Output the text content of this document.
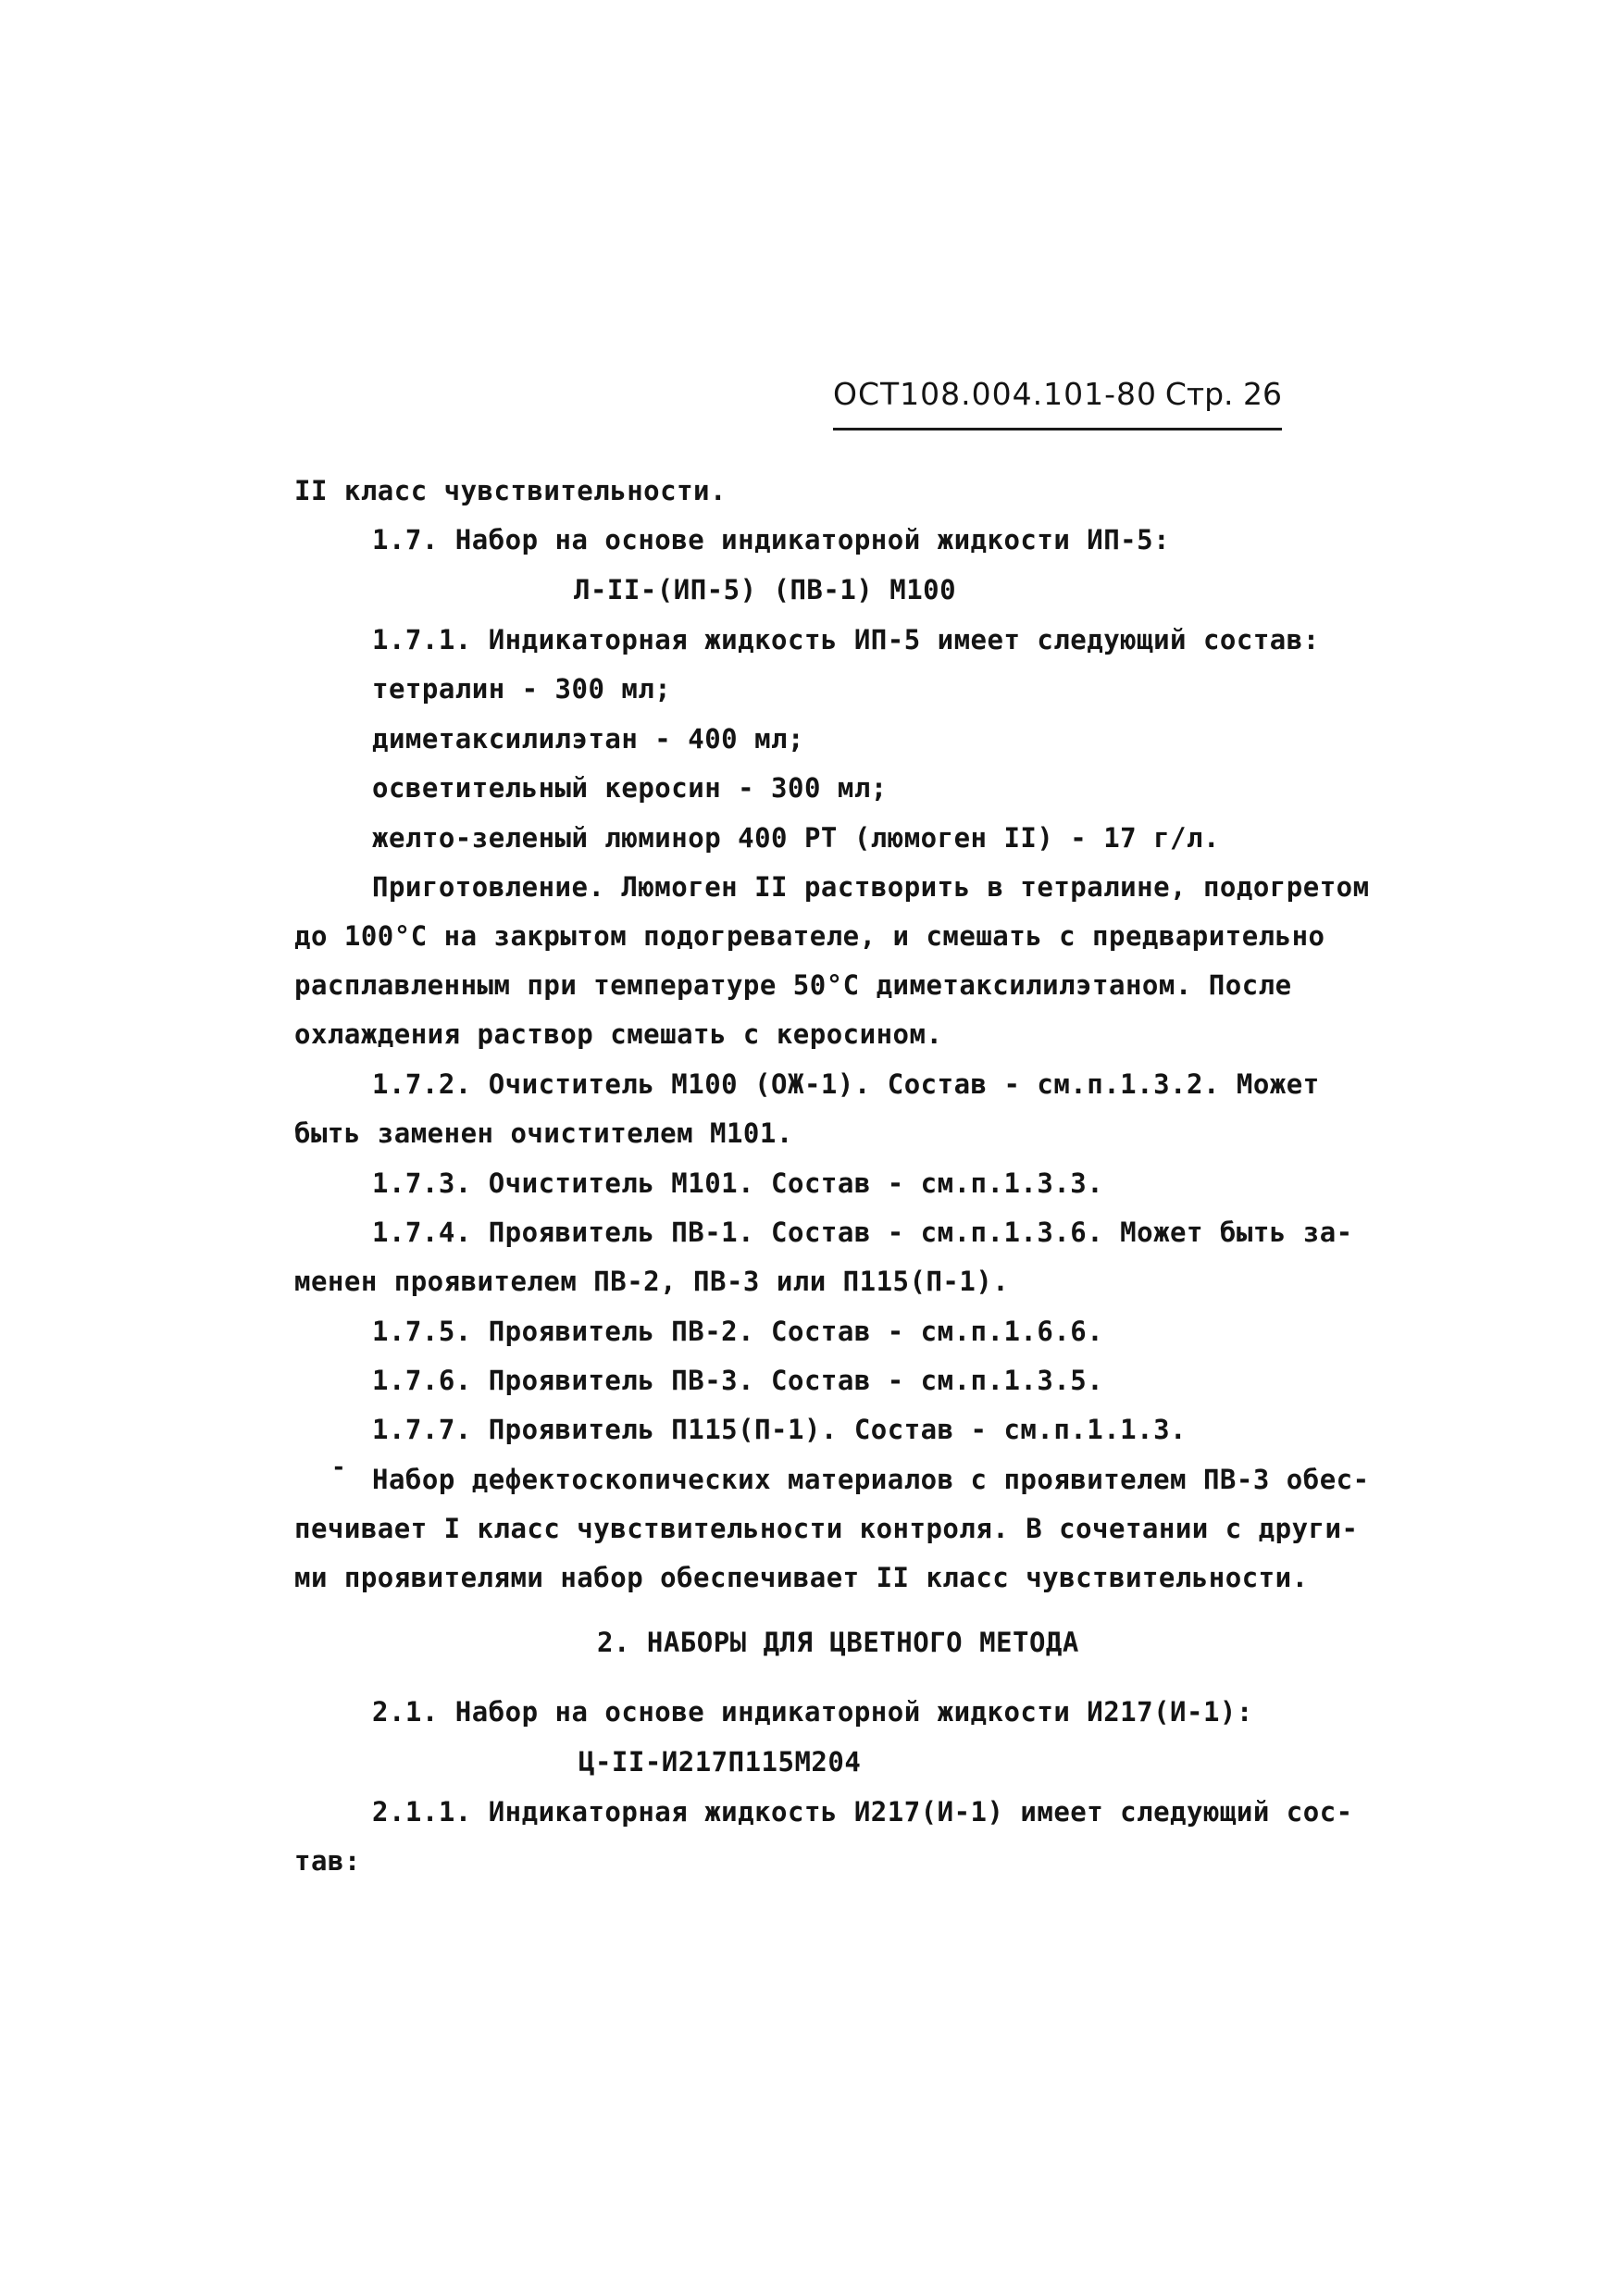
ОСТ108.004.101-80 Стр. 26
II класс чувствительности.
1.7. Набор на основе индикаторной жидкости ИП-5:
Л-II-(ИП-5) (ПВ-1) М100
1.7.1. Индикаторная жидкость ИП-5 имеет следующий состав:
тетралин - 300 мл;
диметаксилилэтан - 400 мл;
осветительный керосин - 300 мл;
желто-зеленый люминор 400 РТ (люмоген II) - 17 г/л.
Приготовление. Люмоген II растворить в тетралине, подогретом
до 100°С на закрытом подогревателе, и смешать с предварительно
расплавленным при температуре 50°С диметаксилилэтаном. После
охлаждения раствор смешать с керосином.
1.7.2. Очиститель М100 (ОЖ-1). Состав - см.п.1.3.2. Может
быть заменен очистителем М101.
1.7.3. Очиститель М101. Состав - см.п.1.3.3.
1.7.4. Проявитель ПВ-1. Состав - см.п.1.3.6. Может быть за-
менен проявителем ПВ-2, ПВ-3 или П115(П-1).
1.7.5. Проявитель ПВ-2. Состав - см.п.1.6.6.
1.7.6. Проявитель ПВ-3. Состав - см.п.1.3.5.
1.7.7. Проявитель П115(П-1). Состав - см.п.1.1.3.
Набор дефектоскопических материалов с проявителем ПВ-3 обес-
печивает I класс чувствительности контроля. В сочетании с други-
ми проявителями набор обеспечивает II класс чувствительности.
2. НАБОРЫ ДЛЯ ЦВЕТНОГО МЕТОДА
2.1. Набор на основе индикаторной жидкости И217(И-1):
Ц-II-И217П115М204
2.1.1. Индикаторная жидкость И217(И-1) имеет следующий сос-
тав:
-
